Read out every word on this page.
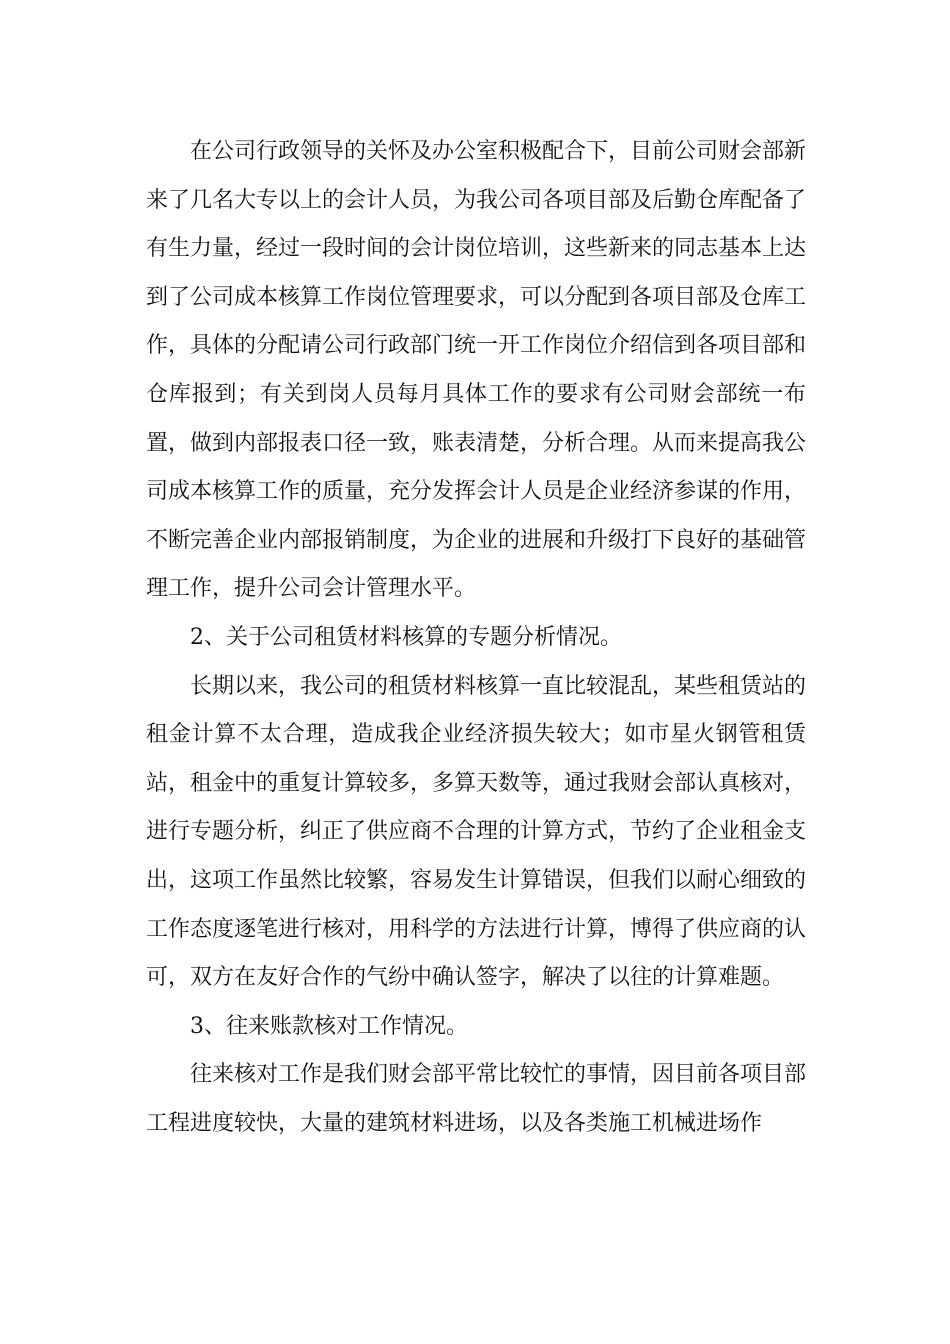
在公司行政领导的关怀及办公室积极配合下，目前公司财会部新来了几名大专以上的会计人员，为我公司各项目部及后勤仓库配备了有生力量，经过一段时间的会计岗位培训，这些新来的同志基本上达到了公司成本核算工作岗位管理要求，可以分配到各项目部及仓库工作，具体的分配请公司行政部门统一开工作岗位介绍信到各项目部和仓库报到；有关到岗人员每月具体工作的要求有公司财会部统一布置，做到内部报表口径一致，账表清楚，分析合理。从而来提高我公司成本核算工作的质量，充分发挥会计人员是企业经济参谋的作用，不断完善企业内部报销制度，为企业的进展和升级打下良好的基础管理工作，提升公司会计管理水平。

2、关于公司租赁材料核算的专题分析情况。

长期以来，我公司的租赁材料核算一直比较混乱，某些租赁站的租金计算不太合理，造成我企业经济损失较大；如市星火钢管租赁站，租金中的重复计算较多，多算天数等，通过我财会部认真核对，进行专题分析，纠正了供应商不合理的计算方式，节约了企业租金支出，这项工作虽然比较繁，容易发生计算错误，但我们以耐心细致的工作态度逐笔进行核对，用科学的方法进行计算，博得了供应商的认可，双方在友好合作的气纷中确认签字，解决了以往的计算难题。

3、往来账款核对工作情况。

往来核对工作是我们财会部平常比较忙的事情，因目前各项目部工程进度较快，大量的建筑材料进场，以及各类施工机械进场作
